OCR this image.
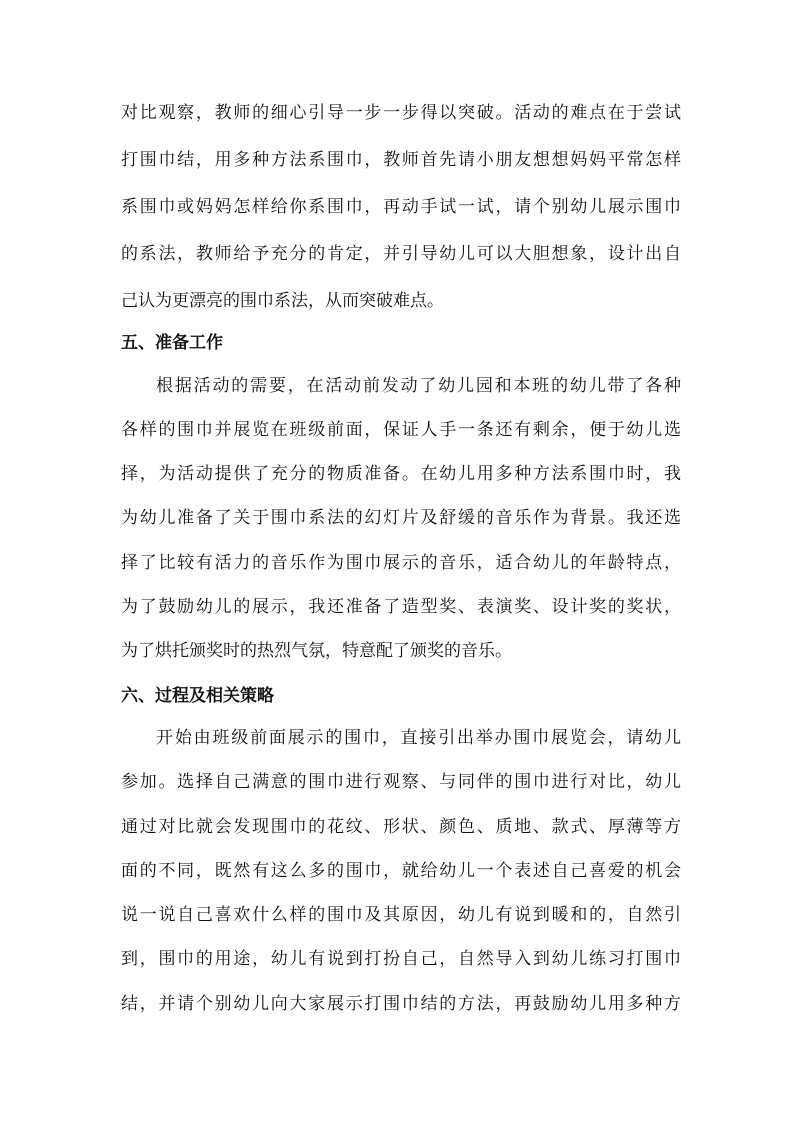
对比观察，教师的细心引导一步一步得以突破。活动的难点在于尝试
打围巾结，用多种方法系围巾，教师首先请小朋友想想妈妈平常怎样
系围巾或妈妈怎样给你系围巾，再动手试一试，请个别幼儿展示围巾
的系法，教师给予充分的肯定，并引导幼儿可以大胆想象，设计出自
己认为更漂亮的围巾系法，从而突破难点。
五、准备工作
根据活动的需要，在活动前发动了幼儿园和本班的幼儿带了各种
各样的围巾并展览在班级前面，保证人手一条还有剩余，便于幼儿选
择，为活动提供了充分的物质准备。在幼儿用多种方法系围巾时，我
为幼儿准备了关于围巾系法的幻灯片及舒缓的音乐作为背景。我还选
择了比较有活力的音乐作为围巾展示的音乐，适合幼儿的年龄特点，
为了鼓励幼儿的展示，我还准备了造型奖、表演奖、设计奖的奖状，
为了烘托颁奖时的热烈气氛，特意配了颁奖的音乐。
六、过程及相关策略
开始由班级前面展示的围巾，直接引出举办围巾展览会，请幼儿
参加。选择自己满意的围巾进行观察、与同伴的围巾进行对比，幼儿
通过对比就会发现围巾的花纹、形状、颜色、质地、款式、厚薄等方
面的不同，既然有这么多的围巾，就给幼儿一个表述自己喜爱的机会
说一说自己喜欢什么样的围巾及其原因，幼儿有说到暖和的，自然引
到，围巾的用途，幼儿有说到打扮自己，自然导入到幼儿练习打围巾
结，并请个别幼儿向大家展示打围巾结的方法，再鼓励幼儿用多种方
